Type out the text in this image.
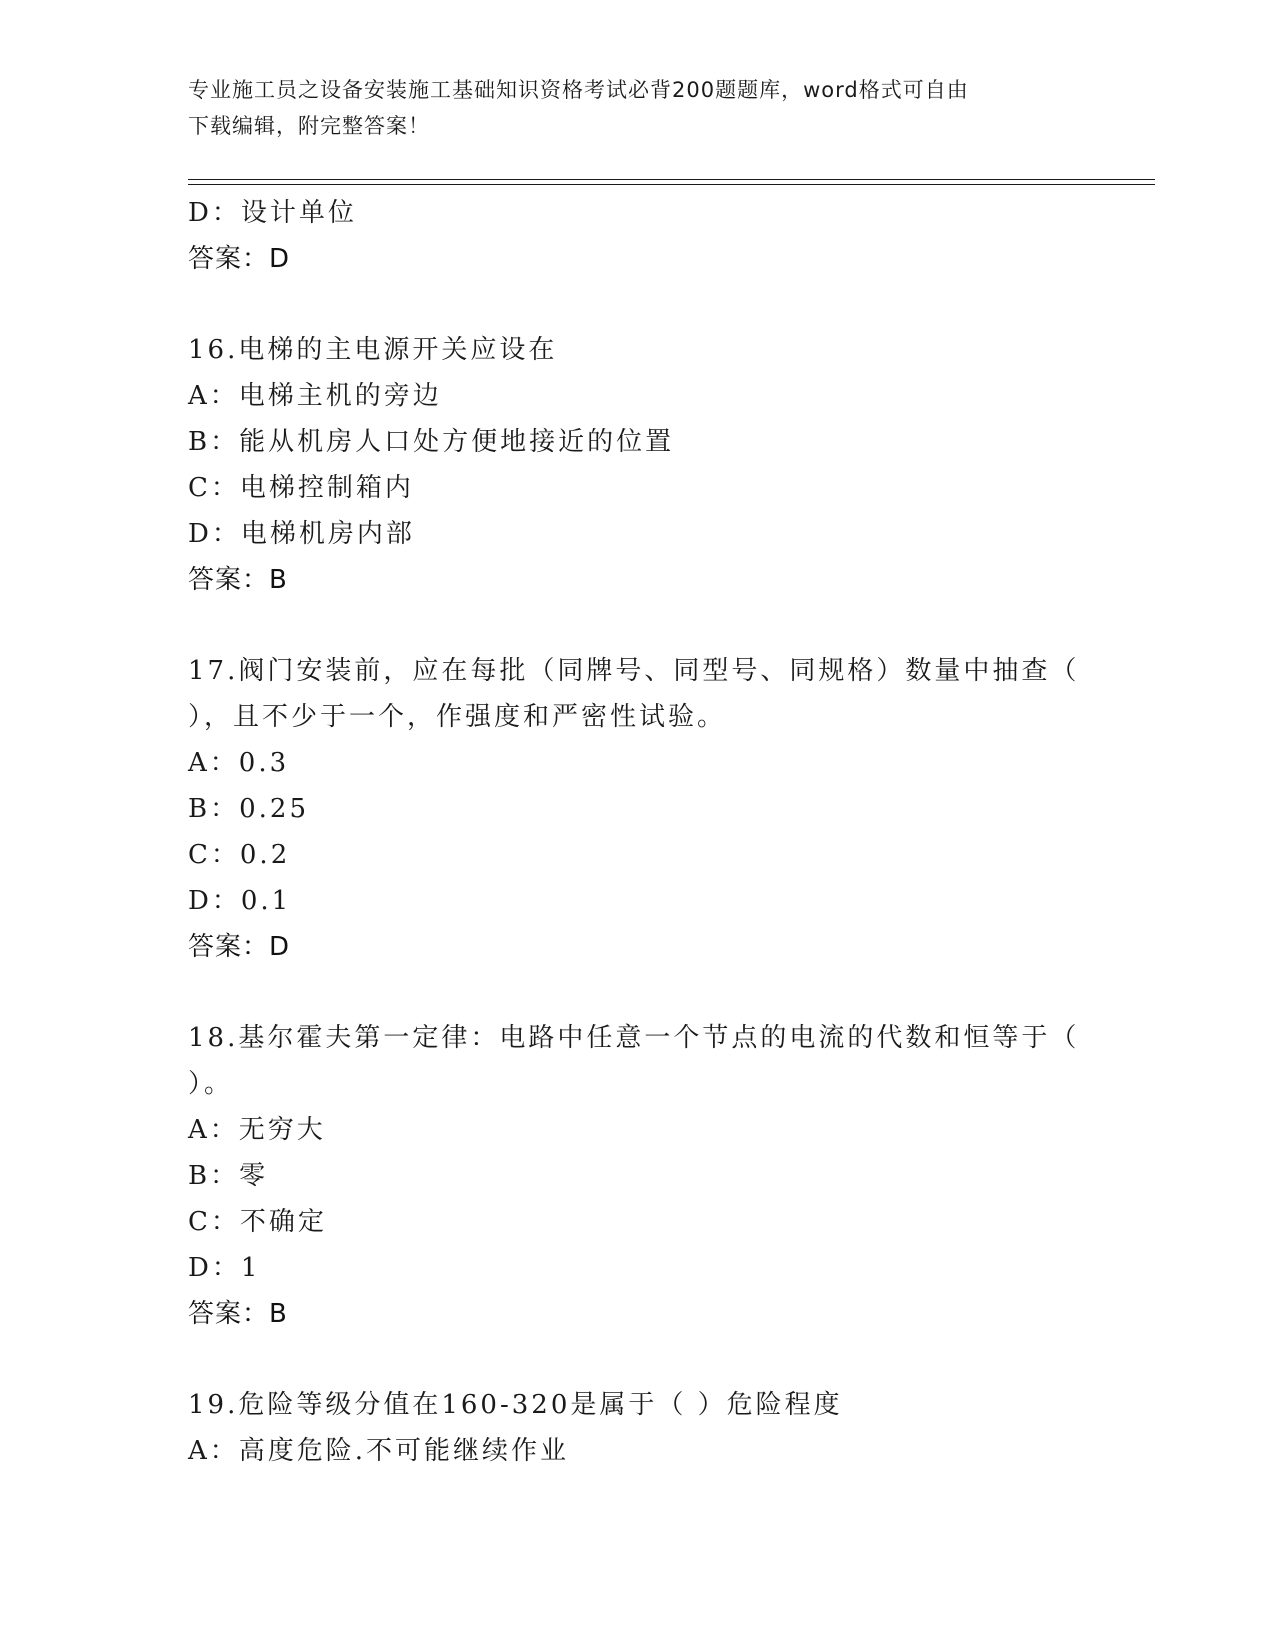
专业施工员之设备安装施工基础知识资格考试必背200题题库，word格式可自由
下载编辑，附完整答案！
D：设计单位
答案：D
16.电梯的主电源开关应设在
A：电梯主机的旁边
B：能从机房人口处方便地接近的位置
C：电梯控制箱内
D：电梯机房内部
答案：B
17.阀门安装前，应在每批（同牌号、同型号、同规格）数量中抽查（
），且不少于一个，作强度和严密性试验。
A：0.3
B：0.25
C：0.2
D：0.1
答案：D
18.基尔霍夫第一定律：电路中任意一个节点的电流的代数和恒等于（
）。
A：无穷大
B：零
C：不确定
D：1
答案：B
19.危险等级分值在160-320是属于（ ）危险程度
A：高度危险.不可能继续作业
